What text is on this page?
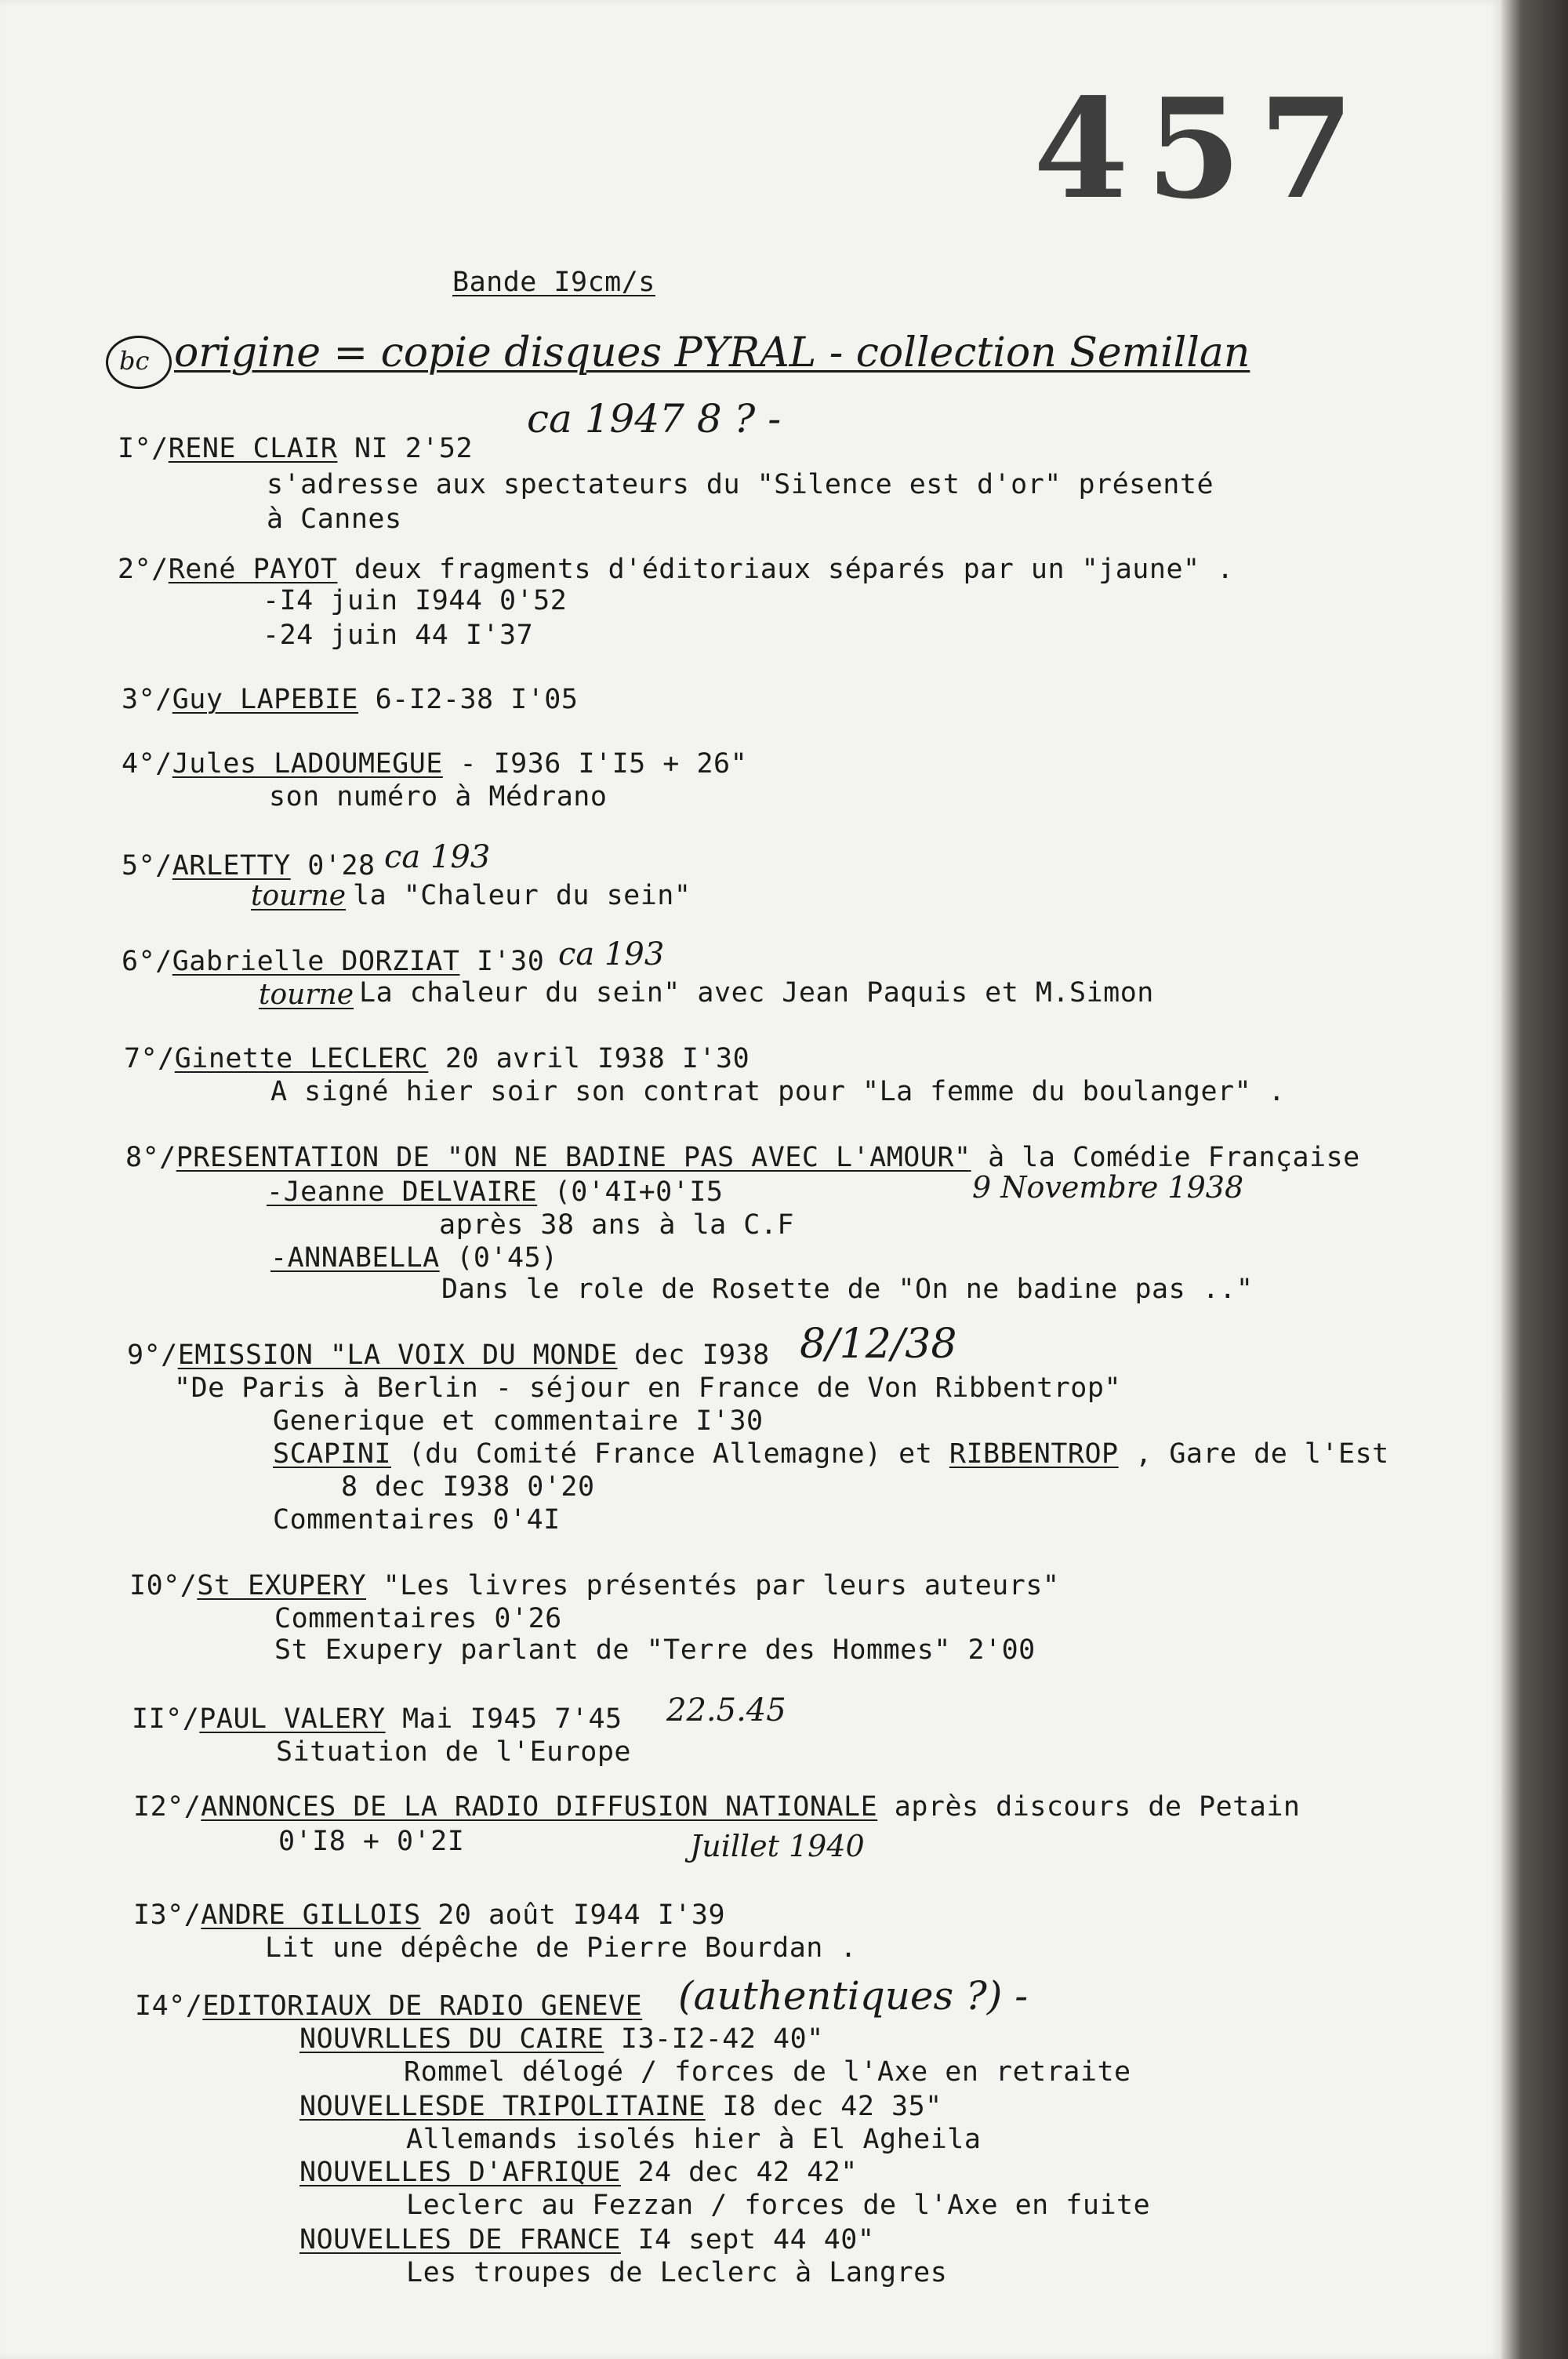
457
Bande I9cm/s
bc origine = copie disques PYRAL - collection Semillan
I°/RENE CLAIR NI 2'52
ca 1947 8 ? -
s'adresse aux spectateurs du "Silence est d'or" présenté
à Cannes
2°/René PAYOT deux fragments d'éditoriaux séparés par un "jaune" .
-I4 juin I944 0'52
-24 juin 44 I'37
3°/Guy LAPEBIE 6-I2-38 I'05
4°/Jules LADOUMEGUE - I936 I'I5 + 26"
son numéro à Médrano
5°/ARLETTY 0'28 ca 193
tourne la "Chaleur du sein"
6°/Gabrielle DORZIAT I'30 ca 193
tourne La chaleur du sein" avec Jean Paquis et M.Simon
7°/Ginette LECLERC 20 avril I938 I'30
A signé hier soir son contrat pour "La femme du boulanger" .
8°/PRESENTATION DE "ON NE BADINE PAS AVEC L'AMOUR" à la Comédie Française
9 Novembre 1938
-Jeanne DELVAIRE (0'4I+0'I5
après 38 ans à la C.F
-ANNABELLA (0'45)
Dans le role de Rosette de "On ne badine pas .."
9°/EMISSION "LA VOIX DU MONDE dec I938 8/12/38
"De Paris à Berlin - séjour en France de Von Ribbentrop"
Generique et commentaire I'30
SCAPINI (du Comité France Allemagne) et RIBBENTROP , Gare de l'Est
8 dec I938 0'20
Commentaires 0'4I
I0°/St EXUPERY "Les livres présentés par leurs auteurs"
Commentaires 0'26
St Exupery parlant de "Terre des Hommes" 2'00
II°/PAUL VALERY Mai I945 7'45 22.5.45
Situation de l'Europe
I2°/ANNONCES DE LA RADIO DIFFUSION NATIONALE après discours de Petain
0'I8 + 0'2I	Juillet 1940
I3°/ANDRE GILLOIS 20 août I944 I'39
Lit une dépêche de Pierre Bourdan .
I4°/EDITORIAUX DE RADIO GENEVE (authentiques ?) -
NOUVRLLES DU CAIRE I3-I2-42 40"
Rommel délogé / forces de l'Axe en retraite
NOUVELLESDE TRIPOLITAINE I8 dec 42 35"
Allemands isolés hier à El Agheila
NOUVELLES D'AFRIQUE 24 dec 42 42"
Leclerc au Fezzan / forces de l'Axe en fuite
NOUVELLES DE FRANCE I4 sept 44 40"
Les troupes de Leclerc à Langres
